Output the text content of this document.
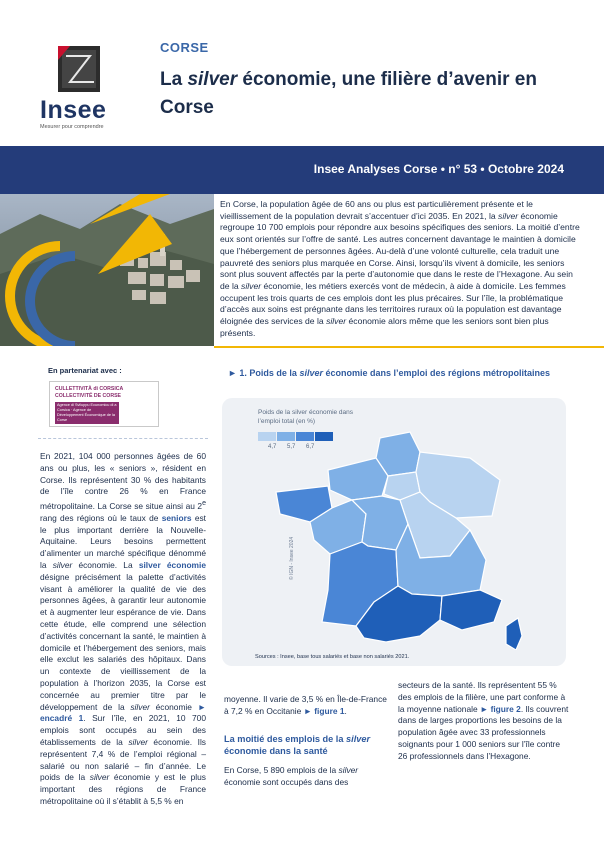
Insee
Mesurer pour comprendre
CORSE
La silver économie, une filière d’avenir en Corse
Insee Analyses Corse • n° 53 • Octobre 2024
En Corse, la population âgée de 60 ans ou plus est particulièrement présente et le vieillissement de la population devrait s’accentuer d’ici 2035. En 2021, la silver économie regroupe 10 700 emplois pour répondre aux besoins spécifiques des seniors. La moitié d’entre eux sont orientés sur l’offre de santé. Les autres concernent davantage le maintien à domicile que l’hébergement de personnes âgées. Au-delà d’une volonté culturelle, cela traduit une pauvreté des seniors plus marquée en Corse. Ainsi, lorsqu’ils vivent à domicile, les seniors sont plus souvent affectés par la perte d’autonomie que dans le reste de l’Hexagone. Au sein de la silver économie, les métiers exercés vont de médecin, à aide à domicile. Les femmes occupent les trois quarts de ces emplois dont les plus précaires. Sur l’île, la problématique d’accès aux soins est prégnante dans les territoires ruraux où la population est davantage éloignée des services de la silver économie alors même que les seniors sont bien plus présents.
En partenariat avec :
CULLETTIVITÀ di CORSICA
COLLECTIVITÉ DE CORSE
Agence di Sviluppu Ecunomicu di a Corsica · Agence de Développement Économique de la Corse
En 2021, 104 000 personnes âgées de 60 ans ou plus, les « seniors », résident en Corse. Ils représentent 30 % des habitants de l’île contre 26 % en France métropolitaine. La Corse se situe ainsi au 2e rang des régions où le taux de seniors est le plus important derrière la Nouvelle-Aquitaine. Leurs besoins permettent d’alimenter un marché spécifique dénommé la silver économie. La silver économie désigne précisément la palette d’activités visant à améliorer la qualité de vie des personnes âgées, à garantir leur autonomie et à augmenter leur espérance de vie. Dans cette étude, elle comprend une sélection d’activités concernant la santé, le maintien à domicile et l’hébergement des seniors, mais elle exclut les salariés des hôpitaux. Dans un contexte de vieillissement de la population à l’horizon 2035, la Corse est concernée au premier titre par le développement de la silver économie ► encadré 1. Sur l’île, en 2021, 10 700 emplois sont occupés au sein des établissements de la silver économie. Ils représentent 7,4 % de l’emploi régional – salarié ou non salarié – fin d’année. Le poids de la silver économie y est le plus important des régions de France métropolitaine où il s’établit à 5,5 % en
► 1. Poids de la silver économie dans l’emploi des régions métropolitaines
Poids de la silver économie dans l’emploi total (en %)
4,7 5,7 6,7
© IGN - Insee 2024
Sources : Insee, base tous salariés et base non salariés 2021.
moyenne. Il varie de 3,5 % en Île-de-France à 7,2 % en Occitanie ► figure 1.
La moitié des emplois de la silver économie dans la santé
En Corse, 5 890 emplois de la silver économie sont occupés dans des
secteurs de la santé. Ils représentent 55 % des emplois de la filière, une part conforme à la moyenne nationale ► figure 2. Ils couvrent dans de larges proportions les besoins de la population âgée avec 33 professionnels soignants pour 1 000 seniors sur l’île contre 26 professionnels dans l’Hexagone.
